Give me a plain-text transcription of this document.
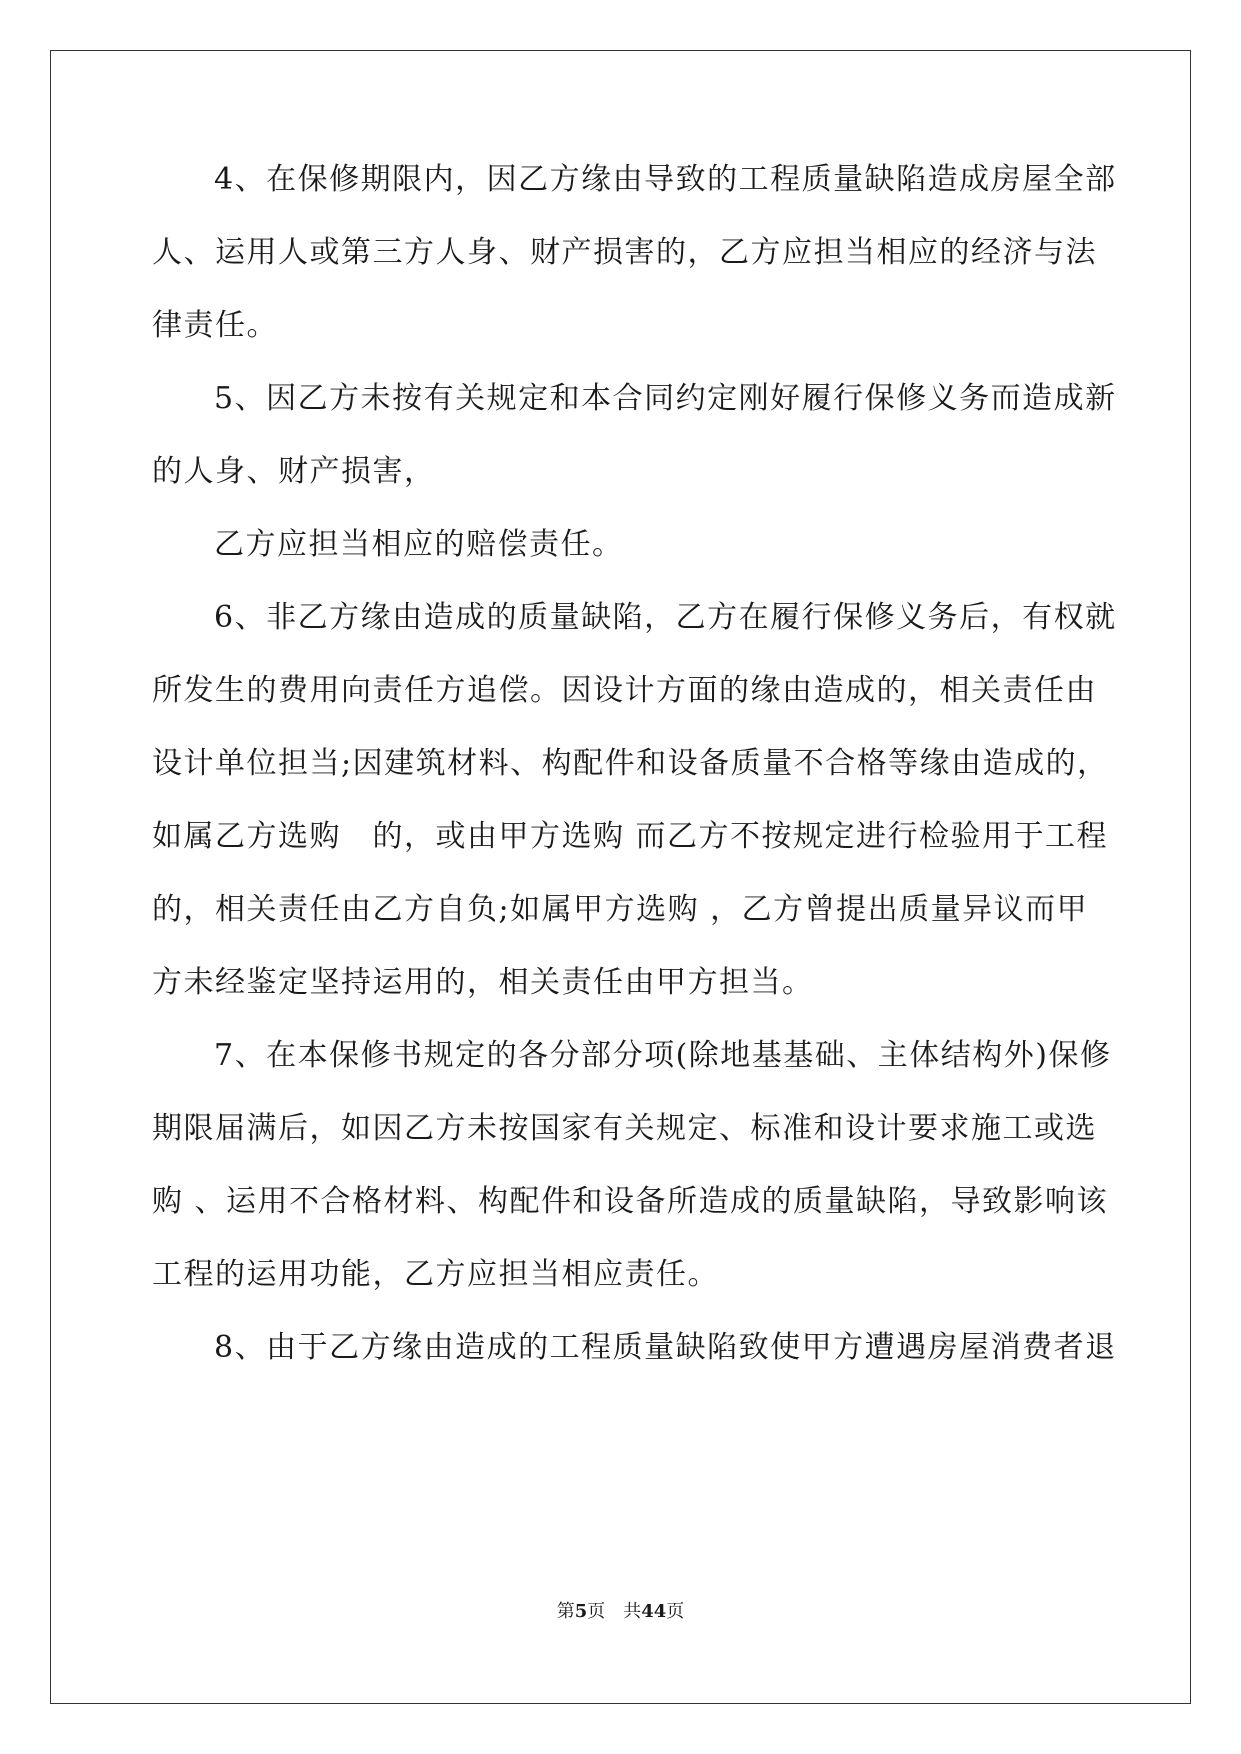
4、在保修期限内，因乙方缘由导致的工程质量缺陷造成房屋全部
人、运用人或第三方人身、财产损害的，乙方应担当相应的经济与法
律责任。
5、因乙方未按有关规定和本合同约定刚好履行保修义务而造成新
的人身、财产损害，
乙方应担当相应的赔偿责任。
6、非乙方缘由造成的质量缺陷，乙方在履行保修义务后，有权就
所发生的费用向责任方追偿。因设计方面的缘由造成的，相关责任由
设计单位担当;因建筑材料、构配件和设备质量不合格等缘由造成的，
如属乙方选购　的，或由甲方选购 而乙方不按规定进行检验用于工程
的，相关责任由乙方自负;如属甲方选购 ，乙方曾提出质量异议而甲
方未经鉴定坚持运用的，相关责任由甲方担当。
7、在本保修书规定的各分部分项(除地基基础、主体结构外)保修
期限届满后，如因乙方未按国家有关规定、标准和设计要求施工或选
购 、运用不合格材料、构配件和设备所造成的质量缺陷，导致影响该
工程的运用功能，乙方应担当相应责任。
8、由于乙方缘由造成的工程质量缺陷致使甲方遭遇房屋消费者退
第5页　共44页
